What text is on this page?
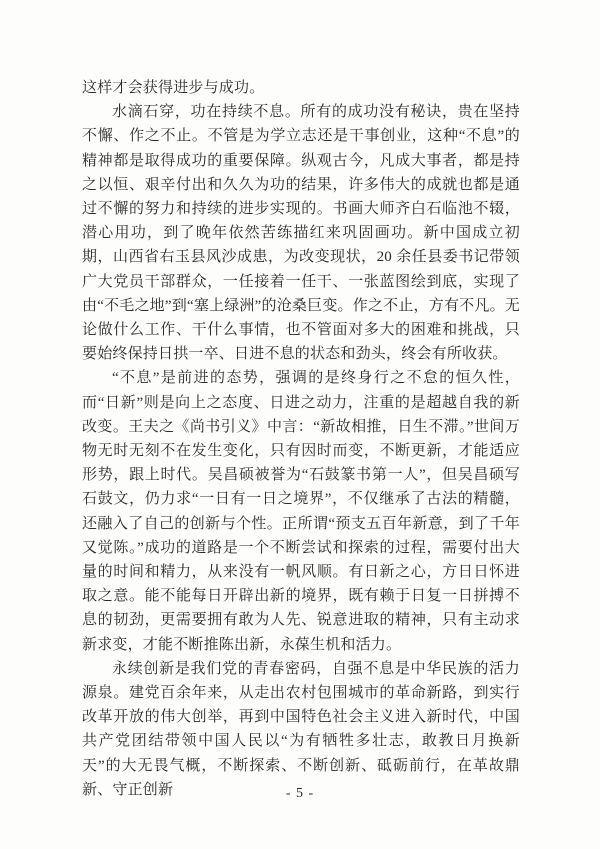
这样才会获得进步与成功。

水滴石穿，功在持续不息。所有的成功没有秘诀，贵在坚持不懈、作之不止。不管是为学立志还是干事创业，这种“不息”的精神都是取得成功的重要保障。纵观古今，凡成大事者，都是持之以恒、艰辛付出和久久为功的结果，许多伟大的成就也都是通过不懈的努力和持续的进步实现的。书画大师齐白石临池不辍，潜心用功，到了晚年依然苦练描红来巩固画功。新中国成立初期，山西省右玉县风沙成患，为改变现状，20 余任县委书记带领广大党员干部群众，一任接着一任干、一张蓝图绘到底，实现了由“不毛之地”到“塞上绿洲”的沧桑巨变。作之不止，方有不凡。无论做什么工作、干什么事情，也不管面对多大的困难和挑战，只要始终保持日拱一卒、日进不息的状态和劲头，终会有所收获。

“不息”是前进的态势，强调的是终身行之不怠的恒久性，而“日新”则是向上之态度、日进之动力，注重的是超越自我的新改变。王夫之《尚书引义》中言：“新故相推，日生不滞。”世间万物无时无刻不在发生变化，只有因时而变，不断更新，才能适应形势，跟上时代。吴昌硕被誉为“石鼓篆书第一人”，但吴昌硕写石鼓文，仍力求“一日有一日之境界”，不仅继承了古法的精髓，还融入了自己的创新与个性。正所谓“预支五百年新意，到了千年又觉陈。”成功的道路是一个不断尝试和探索的过程，需要付出大量的时间和精力，从来没有一帆风顺。有日新之心，方日日怀进取之意。能不能每日开辟出新的境界，既有赖于日复一日拼搏不息的韧劲，更需要拥有敢为人先、锐意进取的精神，只有主动求新求变，才能不断推陈出新，永葆生机和活力。

永续创新是我们党的青春密码，自强不息是中华民族的活力源泉。建党百余年来，从走出农村包围城市的革命新路，到实行改革开放的伟大创举，再到中国特色社会主义进入新时代，中国共产党团结带领中国人民以“为有牺牲多壮志，敢教日月换新天”的大无畏气概，不断探索、不断创新、砥砺前行，在革故鼎新、守正创新	- 5 -
